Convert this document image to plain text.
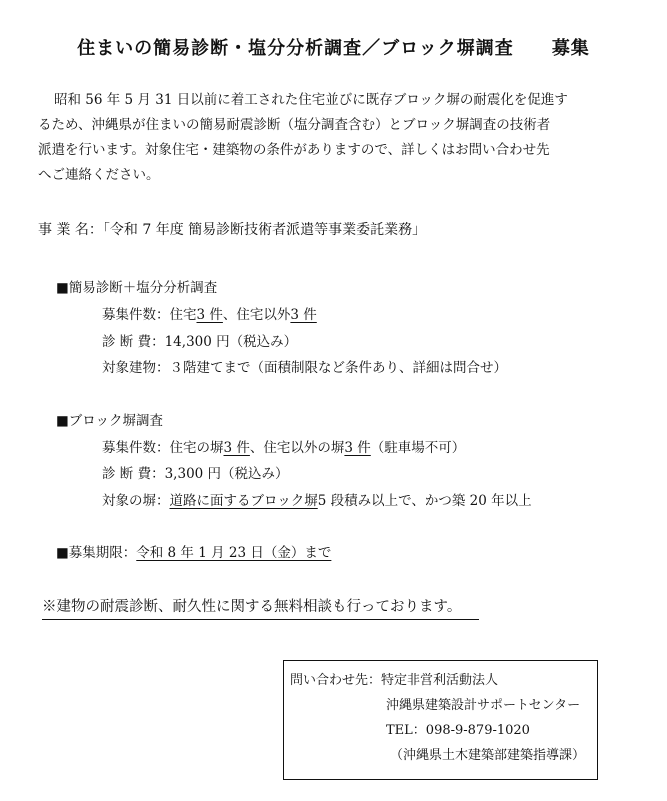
住まいの簡易診断・塩分分析調査／ブロック塀調査 募集

昭和 56 年 5 月 31 日以前に着工された住宅並びに既存ブロック塀の耐震化を促進す

るため、沖縄県が住まいの簡易耐震診断（塩分調査含む）とブロック塀調査の技術者

派遣を行います。対象住宅・建築物の条件がありますので、詳しくはお問い合わせ先

へご連絡ください。

事 業 名：「令和 7 年度 簡易診断技術者派遣等事業委託業務」
■簡易診断＋塩分分析調査
募集件数：住宅3 件、住宅以外3 件
診 断 費：14,300 円（税込み）
対象建物：３階建てまで（面積制限など条件あり、詳細は問合せ）
■ブロック塀調査
募集件数：住宅の塀3 件、住宅以外の塀3 件（駐車場不可）
診 断 費：3,300 円（税込み）
対象の塀：道路に面するブロック塀5 段積み以上で、かつ築 20 年以上
■募集期限：令和 8 年 1 月 23 日（金）まで
※建物の耐震診断、耐久性に関する無料相談も行っております。
問い合わせ先：特定非営利活動法人
沖縄県建築設計サポートセンター
TEL：098-9-879-1020
（沖縄県土木建築部建築指導課）
